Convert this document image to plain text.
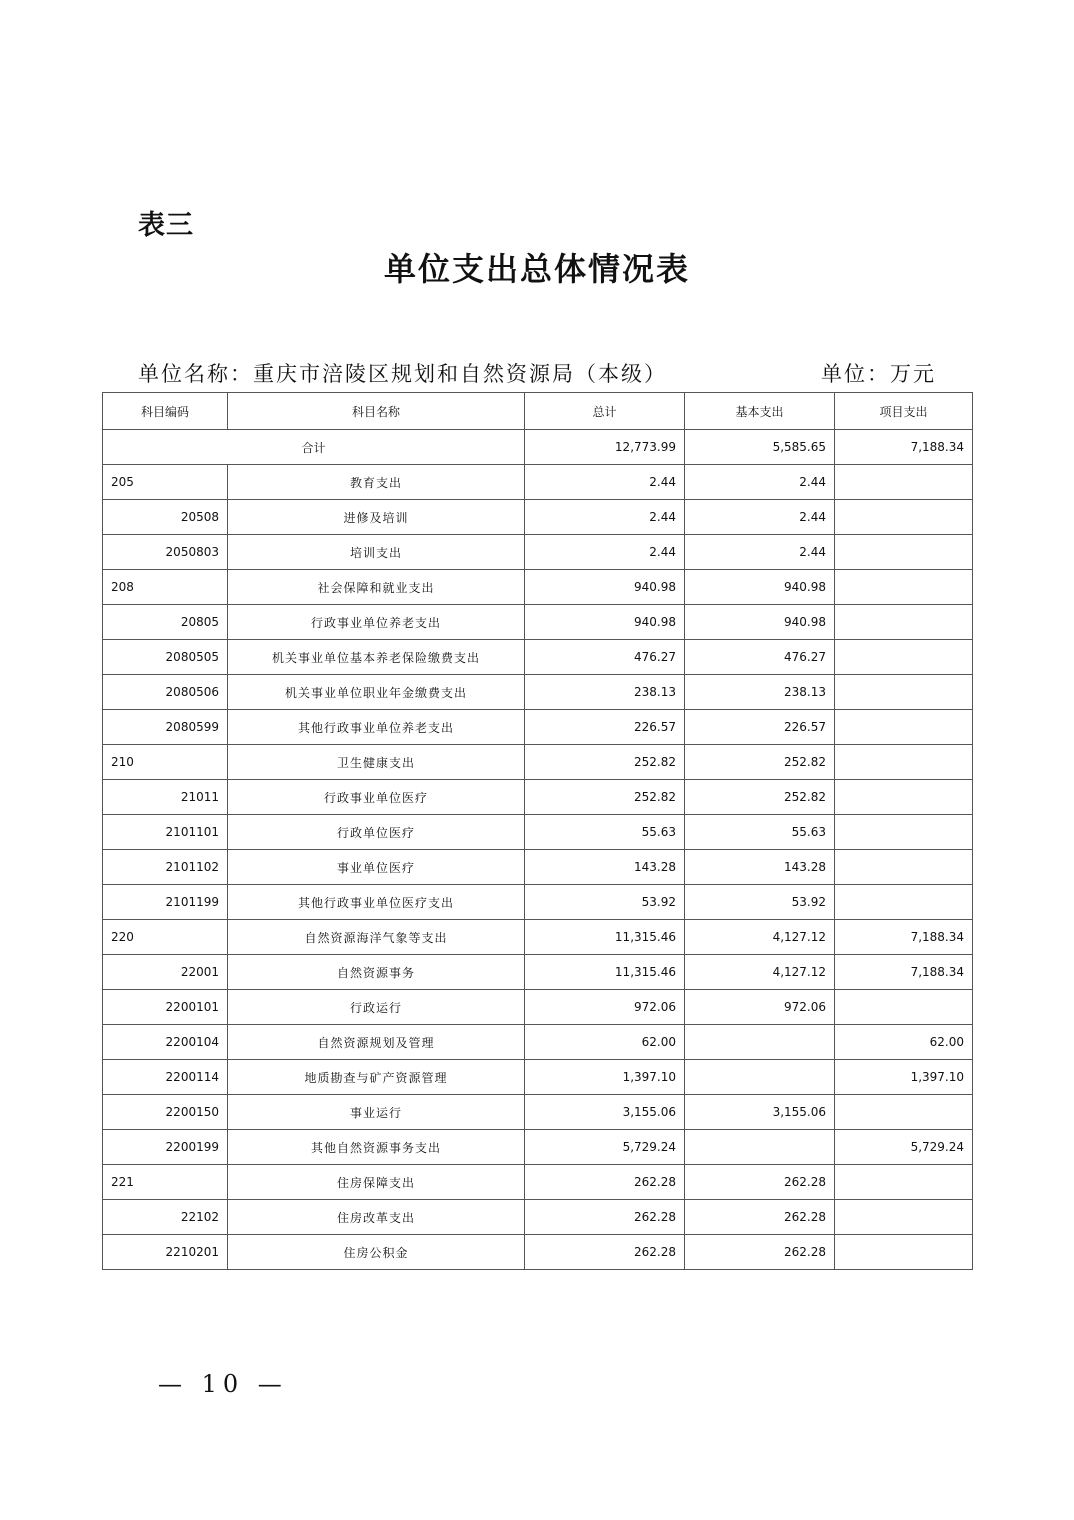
表三
单位支出总体情况表
单位名称：重庆市涪陵区规划和自然资源局（本级）	单位：万元
科目编码	科目名称	总计	基本支出	项目支出
合计		12,773.99	5,585.65	7,188.34
205	教育支出	2.44	2.44	
20508	进修及培训	2.44	2.44	
2050803	培训支出	2.44	2.44	
208	社会保障和就业支出	940.98	940.98	
20805	行政事业单位养老支出	940.98	940.98	
2080505	机关事业单位基本养老保险缴费支出	476.27	476.27	
2080506	机关事业单位职业年金缴费支出	238.13	238.13	
2080599	其他行政事业单位养老支出	226.57	226.57	
210	卫生健康支出	252.82	252.82	
21011	行政事业单位医疗	252.82	252.82	
2101101	行政单位医疗	55.63	55.63	
2101102	事业单位医疗	143.28	143.28	
2101199	其他行政事业单位医疗支出	53.92	53.92	
220	自然资源海洋气象等支出	11,315.46	4,127.12	7,188.34
22001	自然资源事务	11,315.46	4,127.12	7,188.34
2200101	行政运行	972.06	972.06	
2200104	自然资源规划及管理	62.00		62.00
2200114	地质勘查与矿产资源管理	1,397.10		1,397.10
2200150	事业运行	3,155.06	3,155.06	
2200199	其他自然资源事务支出	5,729.24		5,729.24
221	住房保障支出	262.28	262.28	
22102	住房改革支出	262.28	262.28	
2210201	住房公积金	262.28	262.28	
— 10 —
